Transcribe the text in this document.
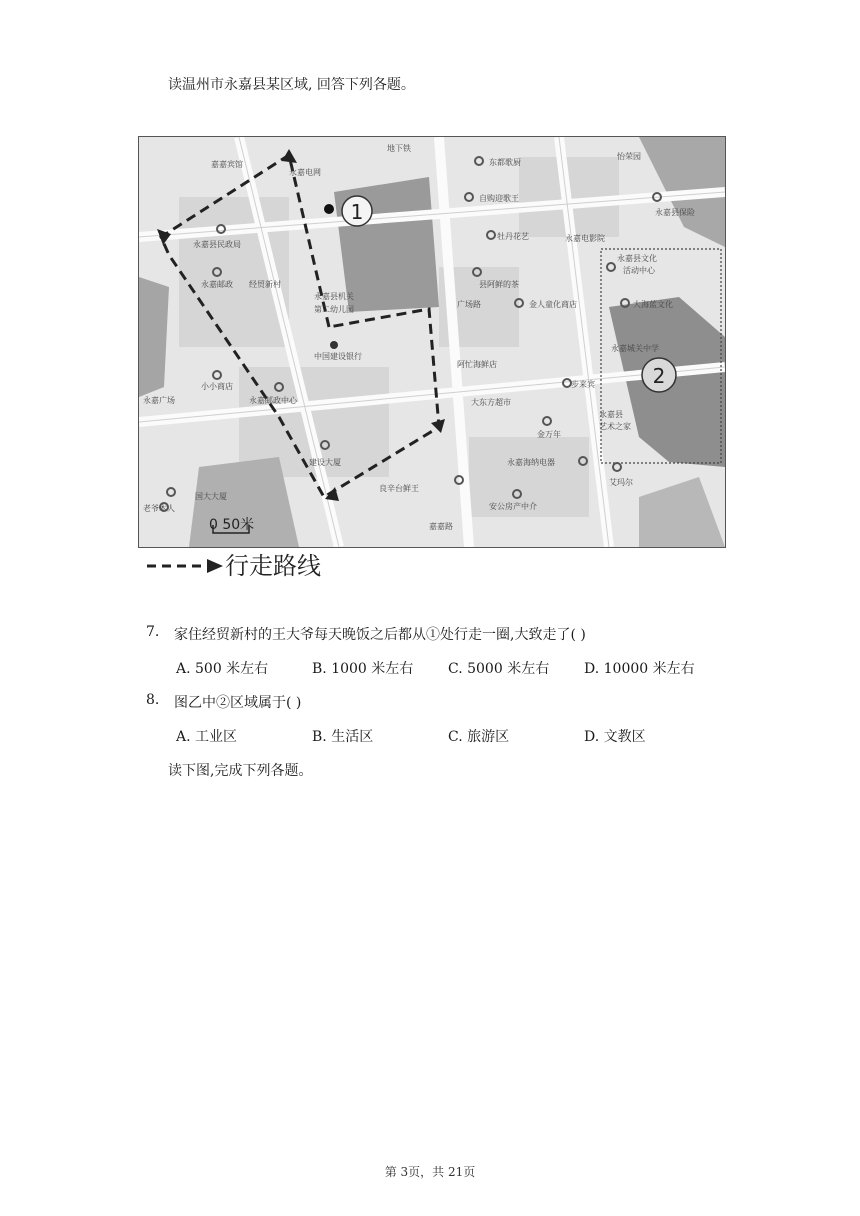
读温州市永嘉县某区域, 回答下列各题。
嘉嘉宾馆
永嘉电网
地下铁
东都歌厨
怡荣园
永嘉县保险
自购迎歌王
永嘉县民政局
牡丹花艺	永嘉电影院
永嘉县文化
活动中心
永嘉邮政 经贸新村	县阿鲜的茶
永嘉县机关
第二幼儿园
金人童化商店	大海蓝文化
广场路
中国建设银行
永嘉城关中学
阿忙海鲜店
小小商店
永嘉广场	永嘉邮政中心	大东方超市
步来宾
永嘉县
艺术之家
金万年
建设大厦	永嘉海纳电器
良辛台鲜王
安公房产中介
艾玛尔
国大大厦
老爷木人
嘉嘉路
1
2
0 50米
行走路线
7. 家住经贸新村的王大爷每天晚饭之后都从①处行走一圈,大致走了( )
A. 500 米左右	B. 1000 米左右 C. 5000 米左右 D. 10000 米左右
8. 图乙中②区域属于( )
A. 工业区	B. 生活区	C. 旅游区	D. 文教区
读下图,完成下列各题。
第 3页，共 21页
